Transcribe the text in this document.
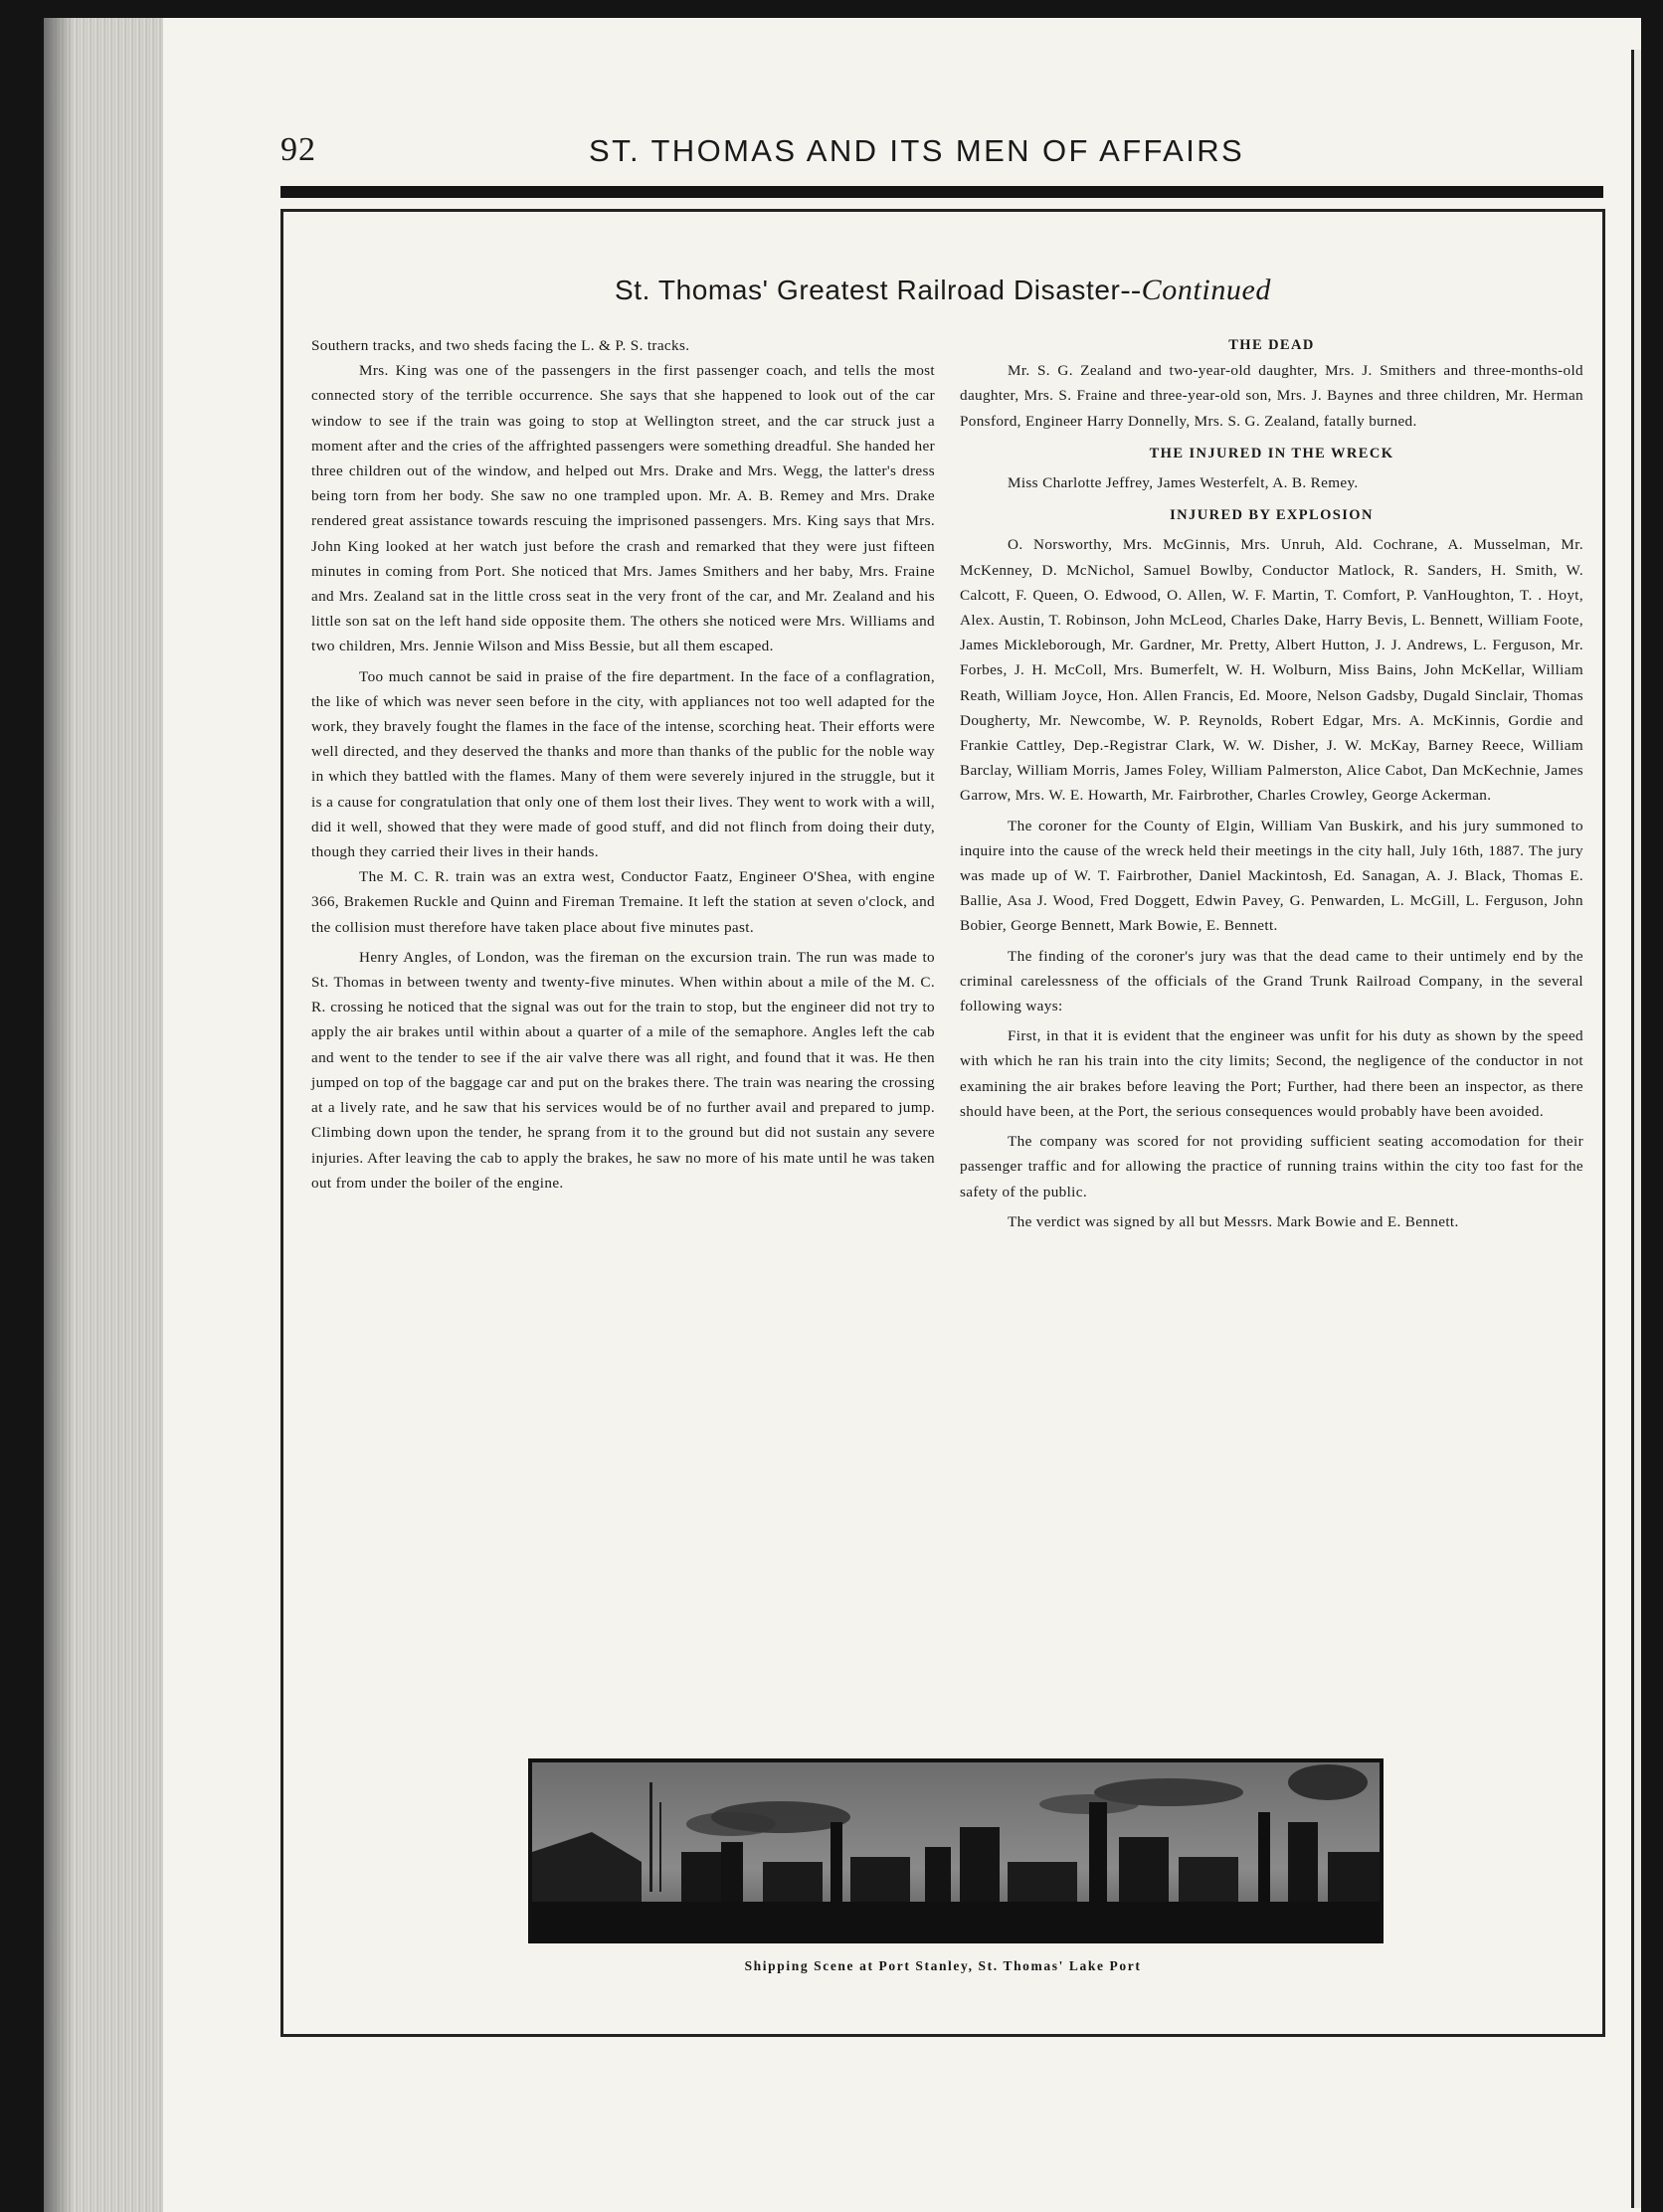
92	ST. THOMAS AND ITS MEN OF AFFAIRS
St. Thomas' Greatest Railroad Disaster--Continued

Southern tracks, and two sheds facing the L. & P. S. tracks.

Mrs. King was one of the passengers in the first passenger coach, and tells the most connected story of the terrible occurrence. She says that she happened to look out of the car window to see if the train was going to stop at Wellington street, and the car struck just a moment after and the cries of the affrighted passengers were something dreadful. She handed her three children out of the window, and helped out Mrs. Drake and Mrs. Wegg, the latter's dress being torn from her body. She saw no one trampled upon. Mr. A. B. Remey and Mrs. Drake rendered great assistance towards rescuing the imprisoned passengers. Mrs. King says that Mrs. John King looked at her watch just before the crash and remarked that they were just fifteen minutes in coming from Port. She noticed that Mrs. James Smithers and her baby, Mrs. Fraine and Mrs. Zealand sat in the little cross seat in the very front of the car, and Mr. Zealand and his little son sat on the left hand side opposite them. The others she noticed were Mrs. Williams and two children, Mrs. Jennie Wilson and Miss Bessie, but all them escaped.

Too much cannot be said in praise of the fire department. In the face of a conflagration, the like of which was never seen before in the city, with appliances not too well adapted for the work, they bravely fought the flames in the face of the intense, scorching heat. Their efforts were well directed, and they deserved the thanks and more than thanks of the public for the noble way in which they battled with the flames. Many of them were severely injured in the struggle, but it is a cause for congratulation that only one of them lost their lives. They went to work with a will, did it well, showed that they were made of good stuff, and did not flinch from doing their duty, though they carried their lives in their hands.

The M. C. R. train was an extra west, Conductor Faatz, Engineer O'Shea, with engine 366, Brakemen Ruckle and Quinn and Fireman Tremaine. It left the station at seven o'clock, and the collision must therefore have taken place about five minutes past.

Henry Angles, of London, was the fireman on the excursion train. The run was made to St. Thomas in between twenty and twenty-five minutes. When within about a mile of the M. C. R. crossing he noticed that the signal was out for the train to stop, but the engineer did not try to apply the air brakes until within about a quarter of a mile of the semaphore. Angles left the cab and went to the tender to see if the air valve there was all right, and found that it was. He then jumped on top of the baggage car and put on the brakes there. The train was nearing the crossing at a lively rate, and he saw that his services would be of no further avail and prepared to jump. Climbing down upon the tender, he sprang from it to the ground but did not sustain any severe injuries. After leaving the cab to apply the brakes, he saw no more of his mate until he was taken out from under the boiler of the engine.

THE DEAD

Mr. S. G. Zealand and two-year-old daughter, Mrs. J. Smithers and three-months-old daughter, Mrs. S. Fraine and three-year-old son, Mrs. J. Baynes and three children, Mr. Herman Ponsford, Engineer Harry Donnelly, Mrs. S. G. Zealand, fatally burned.

THE INJURED IN THE WRECK

Miss Charlotte Jeffrey, James Westerfelt, A. B. Remey.

INJURED BY EXPLOSION

O. Norsworthy, Mrs. McGinnis, Mrs. Unruh, Ald. Cochrane, A. Musselman, Mr. McKenney, D. McNichol, Samuel Bowlby, Conductor Matlock, R. Sanders, H. Smith, W. Calcott, F. Queen, O. Edwood, O. Allen, W. F. Martin, T. Comfort, P. VanHoughton, T. . Hoyt, Alex. Austin, T. Robinson, John McLeod, Charles Dake, Harry Bevis, L. Bennett, William Foote, James Mickleborough, Mr. Gardner, Mr. Pretty, Albert Hutton, J. J. Andrews, L. Ferguson, Mr. Forbes, J. H. McColl, Mrs. Bumerfelt, W. H. Wolburn, Miss Bains, John McKellar, William Reath, William Joyce, Hon. Allen Francis, Ed. Moore, Nelson Gadsby, Dugald Sinclair, Thomas Dougherty, Mr. Newcombe, W. P. Reynolds, Robert Edgar, Mrs. A. McKinnis, Gordie and Frankie Cattley, Dep.-Registrar Clark, W. W. Disher, J. W. McKay, Barney Reece, William Barclay, William Morris, James Foley, William Palmerston, Alice Cabot, Dan McKechnie, James Garrow, Mrs. W. E. Howarth, Mr. Fairbrother, Charles Crowley, George Ackerman.

The coroner for the County of Elgin, William Van Buskirk, and his jury summoned to inquire into the cause of the wreck held their meetings in the city hall, July 16th, 1887. The jury was made up of W. T. Fairbrother, Daniel Mackintosh, Ed. Sanagan, A. J. Black, Thomas E. Ballie, Asa J. Wood, Fred Doggett, Edwin Pavey, G. Penwarden, L. McGill, L. Ferguson, John Bobier, George Bennett, Mark Bowie, E. Bennett.

The finding of the coroner's jury was that the dead came to their untimely end by the criminal carelessness of the officials of the Grand Trunk Railroad Company, in the several following ways:

First, in that it is evident that the engineer was unfit for his duty as shown by the speed with which he ran his train into the city limits; Second, the negligence of the conductor in not examining the air brakes before leaving the Port; Further, had there been an inspector, as there should have been, at the Port, the serious consequences would probably have been avoided.

The company was scored for not providing sufficient seating accomodation for their passenger traffic and for allowing the practice of running trains within the city too fast for the safety of the public.

The verdict was signed by all but Messrs. Mark Bowie and E. Bennett.

Shipping Scene at Port Stanley, St. Thomas' Lake Port
